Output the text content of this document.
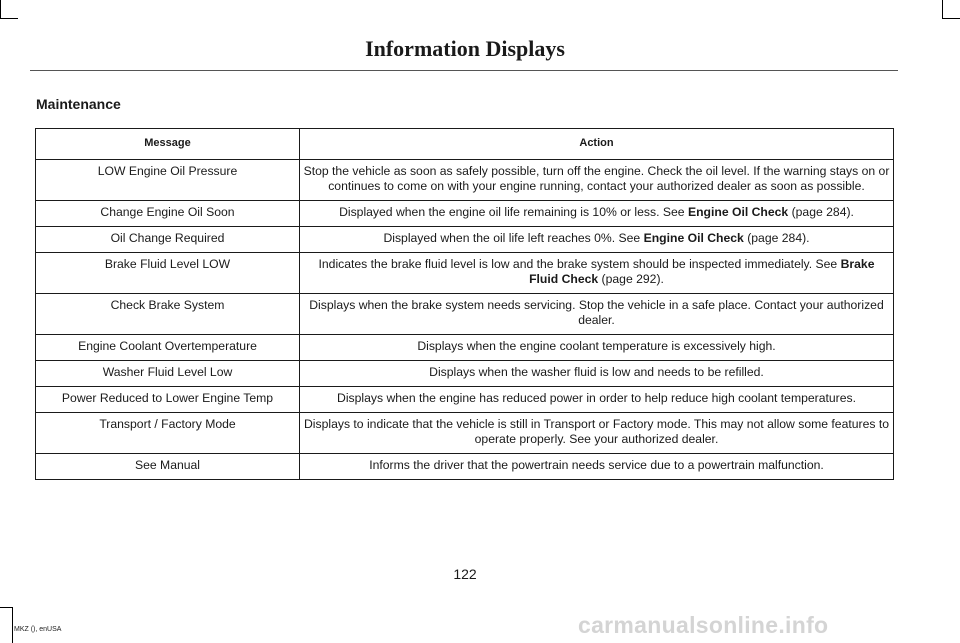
Information Displays
Maintenance
Message	Action
LOW Engine Oil Pressure	Stop the vehicle as soon as safely possible, turn off the engine. Check the oil level. If the warning stays on or continues to come on with your engine running, contact your authorized dealer as soon as possible.
Change Engine Oil Soon	Displayed when the engine oil life remaining is 10% or less. See Engine Oil Check (page 284).
Oil Change Required	Displayed when the oil life left reaches 0%. See Engine Oil Check (page 284).
Brake Fluid Level LOW	Indicates the brake fluid level is low and the brake system should be inspected immediately. See Brake Fluid Check (page 292).
Check Brake System	Displays when the brake system needs servicing. Stop the vehicle in a safe place. Contact your authorized dealer.
Engine Coolant Overtemperature	Displays when the engine coolant temperature is excessively high.
Washer Fluid Level Low	Displays when the washer fluid is low and needs to be refilled.
Power Reduced to Lower Engine Temp	Displays when the engine has reduced power in order to help reduce high coolant temperatures.
Transport / Factory Mode	Displays to indicate that the vehicle is still in Transport or Factory mode. This may not allow some features to operate properly. See your authorized dealer.
See Manual	Informs the driver that the powertrain needs service due to a powertrain malfunction.
122
MKZ (), enUSA	carmanualsonline.info
